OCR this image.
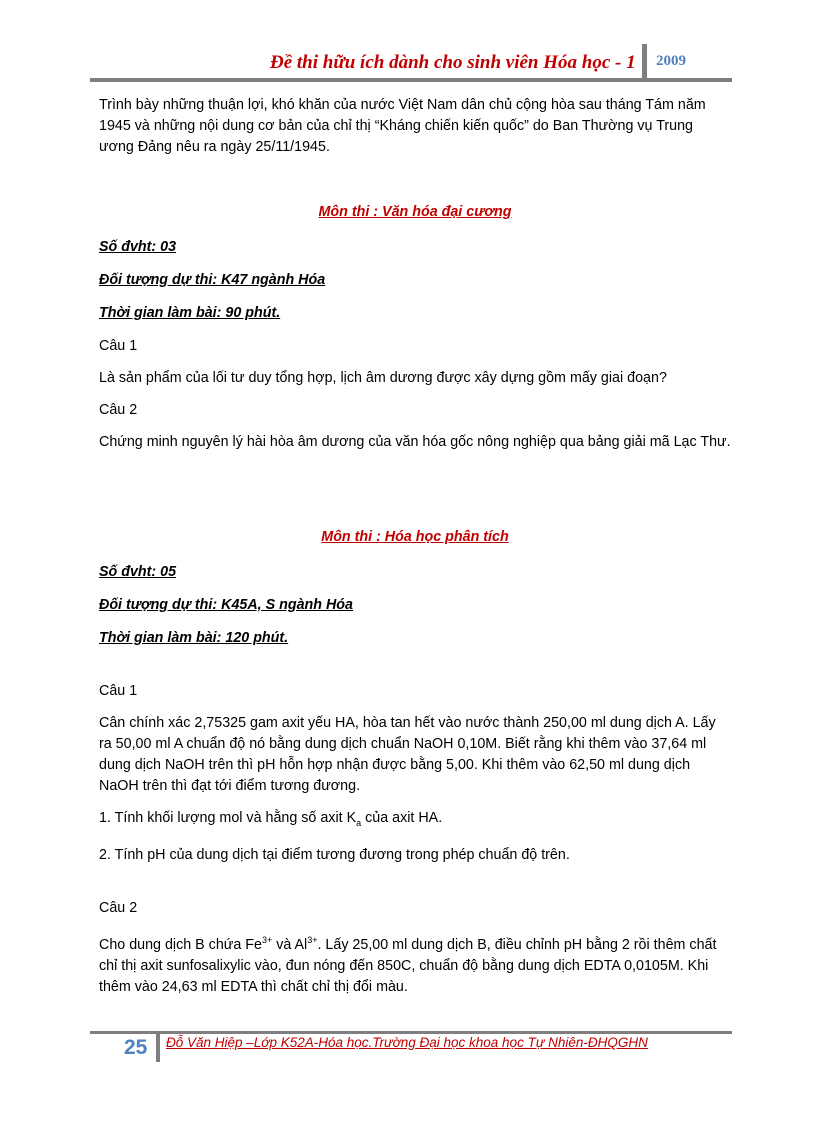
Đề thi hữu ích dành cho sinh viên Hóa học - 1 2009

Trình bày những thuận lợi, khó khăn của nước Việt Nam dân chủ cộng hòa sau tháng Tám năm 1945 và những nội dung cơ bản của chỉ thị “Kháng chiến kiến quốc” do Ban Thường vụ Trung ương Đảng nêu ra ngày 25/11/1945.

Môn thi : Văn hóa đại cương

Số đvht: 03

Đối tượng dự thi: K47 ngành Hóa

Thời gian làm bài: 90 phút.

Câu 1

Là sản phẩm của lối tư duy tổng hợp, lịch âm dương được xây dựng gồm mấy giai đoạn?

Câu 2

Chứng minh nguyên lý hài hòa âm dương của văn hóa gốc nông nghiệp qua bảng giải mã Lạc Thư.

Môn thi : Hóa học phân tích

Số đvht: 05

Đối tượng dự thi: K45A, S ngành Hóa

Thời gian làm bài: 120 phút.

Câu 1

Cân chính xác 2,75325 gam axit yếu HA, hòa tan hết vào nước thành 250,00 ml dung dịch A. Lấy ra 50,00 ml A chuẩn độ nó bằng dung dịch chuẩn NaOH 0,10M. Biết rằng khi thêm vào 37,64 ml dung dịch NaOH trên thì pH hỗn hợp nhận được bằng 5,00. Khi thêm vào 62,50 ml dung dịch NaOH trên thì đạt tới điểm tương đương.

1. Tính khối lượng mol và hằng số axit $K_a$ của axit HA.

2. Tính pH của dung dịch tại điểm tương đương trong phép chuẩn độ trên.

Câu 2

Cho dung dịch B chứa $Fe^{3+}$ và $Al^{3+}$. Lấy 25,00 ml dung dịch B, điều chỉnh pH bằng 2 rồi thêm chất chỉ thị axit sunfosalixylic vào, đun nóng đến 850C, chuẩn độ bằng dung dịch EDTA 0,0105M. Khi thêm vào 24,63 ml EDTA thì chất chỉ thị đổi màu.

25 Đỗ Văn Hiệp –Lớp K52A-Hóa học.Trường Đại học khoa học Tự Nhiên-ĐHQGHN
